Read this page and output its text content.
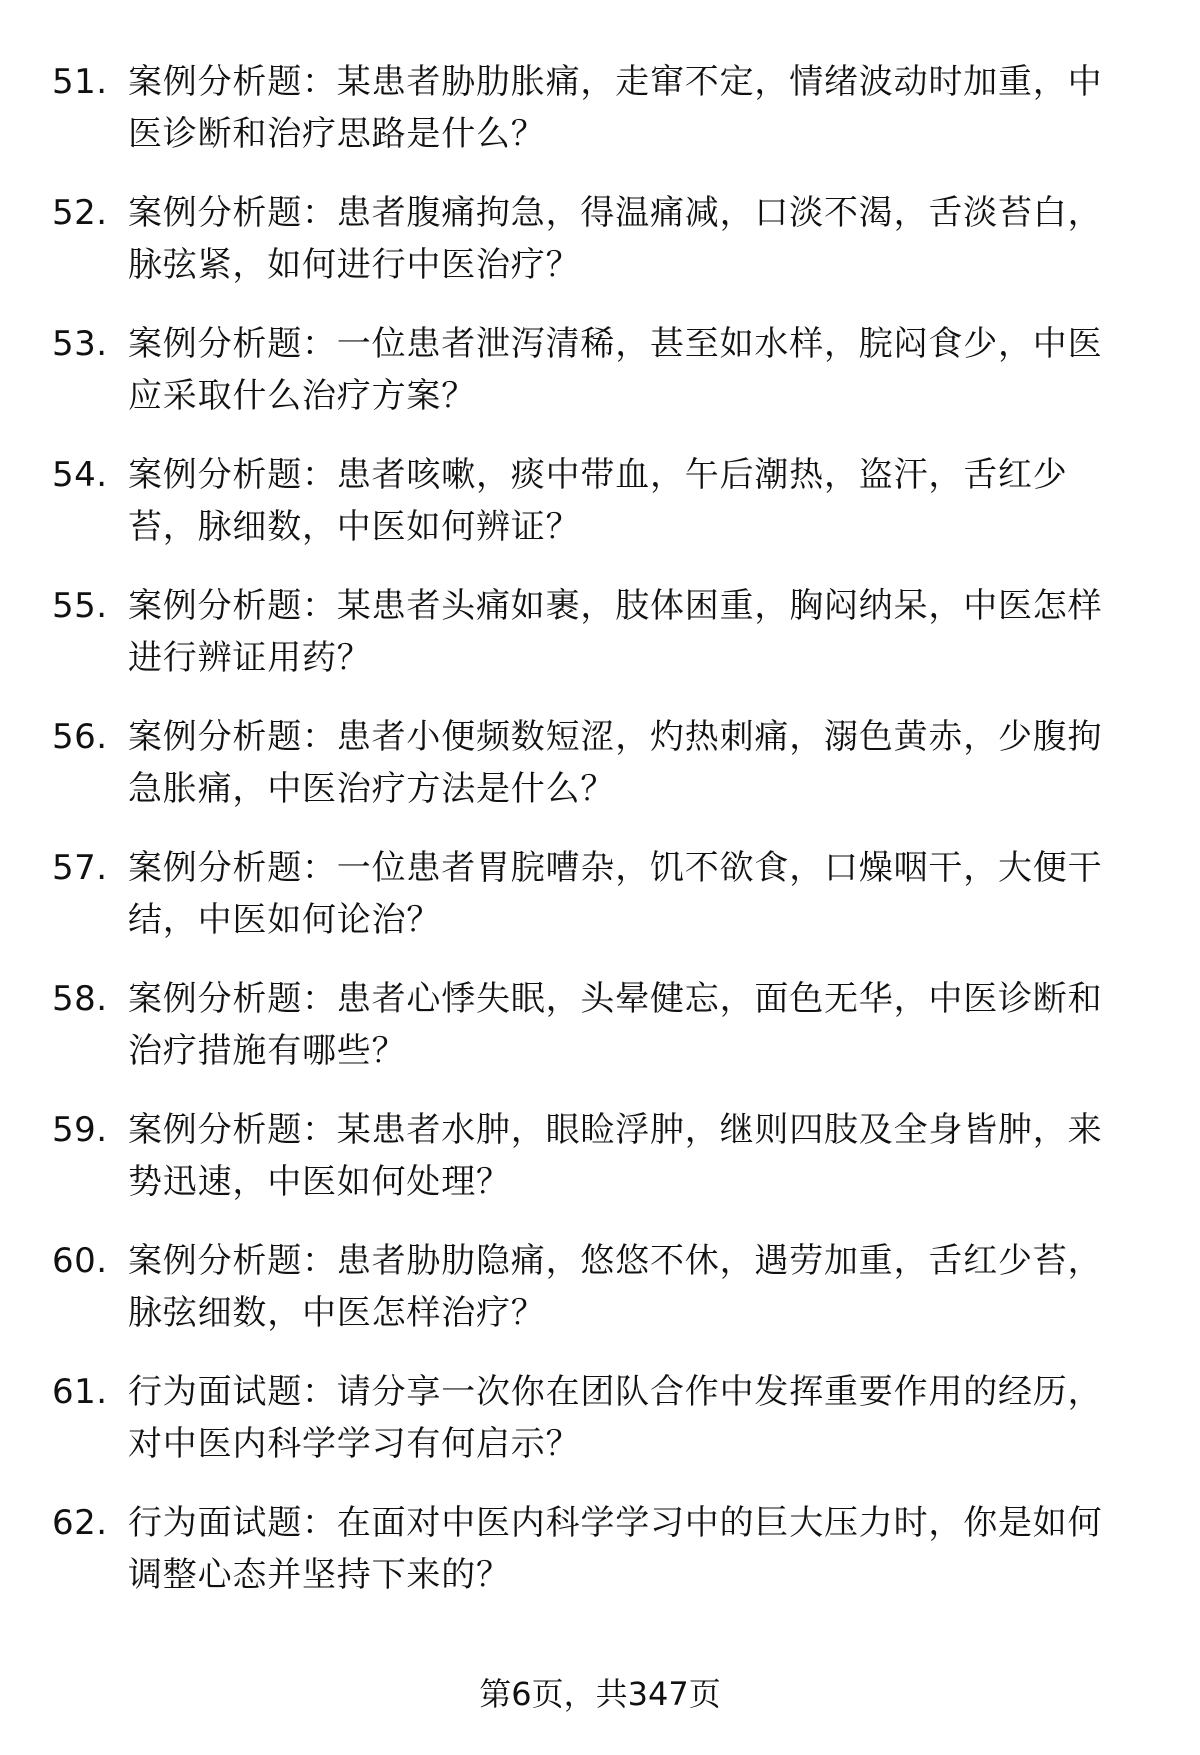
51. 案例分析题：某患者胁肋胀痛，走窜不定，情绪波动时加重，中医诊断和治疗思路是什么？
52. 案例分析题：患者腹痛拘急，得温痛减，口淡不渴，舌淡苔白，脉弦紧，如何进行中医治疗？
53. 案例分析题：一位患者泄泻清稀，甚至如水样，脘闷食少，中医应采取什么治疗方案？
54. 案例分析题：患者咳嗽，痰中带血，午后潮热，盗汗，舌红少苔，脉细数，中医如何辨证？
55. 案例分析题：某患者头痛如裹，肢体困重，胸闷纳呆，中医怎样进行辨证用药？
56. 案例分析题：患者小便频数短涩，灼热刺痛，溺色黄赤，少腹拘急胀痛，中医治疗方法是什么？
57. 案例分析题：一位患者胃脘嘈杂，饥不欲食，口燥咽干，大便干结，中医如何论治？
58. 案例分析题：患者心悸失眠，头晕健忘，面色无华，中医诊断和治疗措施有哪些？
59. 案例分析题：某患者水肿，眼睑浮肿，继则四肢及全身皆肿，来势迅速，中医如何处理？
60. 案例分析题：患者胁肋隐痛，悠悠不休，遇劳加重，舌红少苔，脉弦细数，中医怎样治疗？
61. 行为面试题：请分享一次你在团队合作中发挥重要作用的经历，对中医内科学学习有何启示？
62. 行为面试题：在面对中医内科学学习中的巨大压力时，你是如何调整心态并坚持下来的？
第6页，共347页
